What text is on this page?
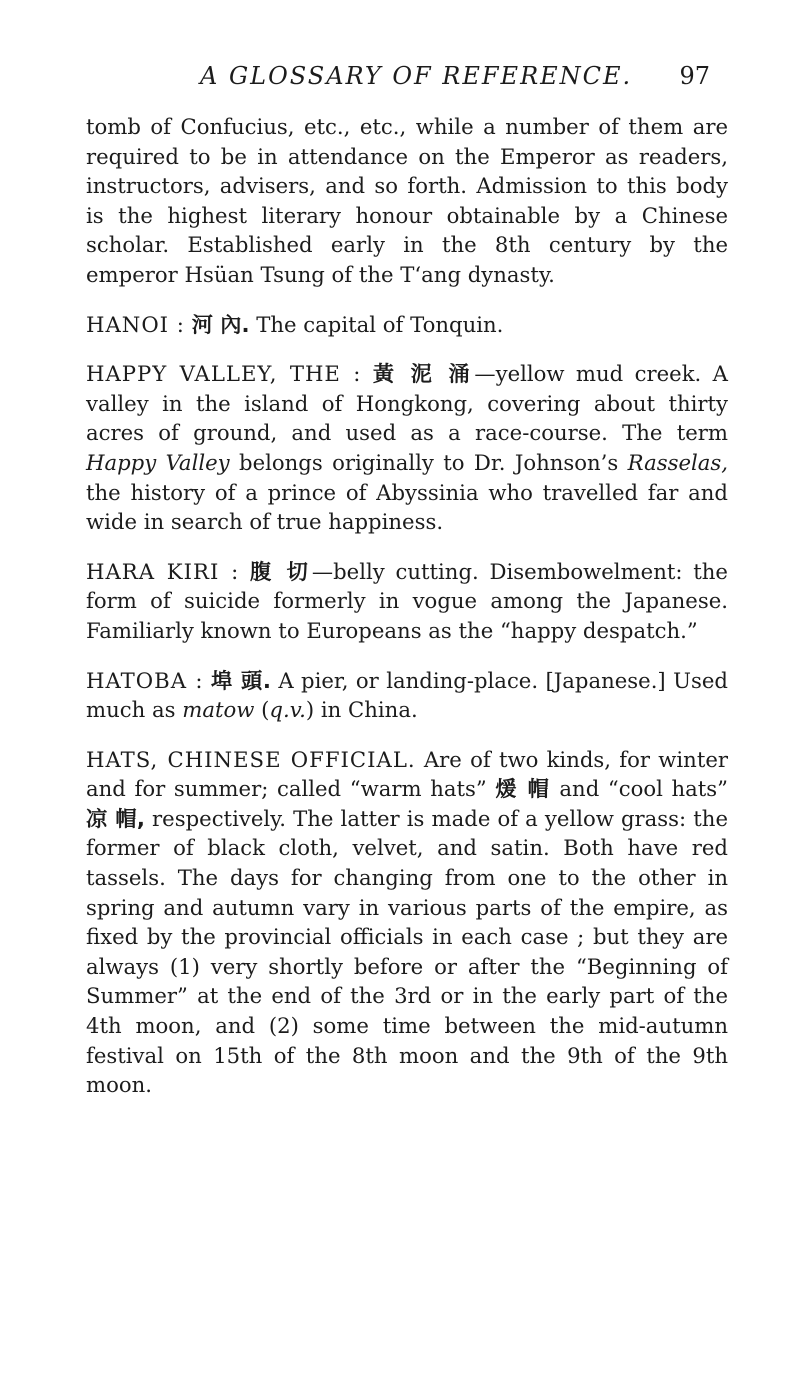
A GLOSSARY OF REFERENCE. 97

tomb of Confucius, etc., etc., while a number of them are required to be in attendance on the Emperor as readers, instructors, advisers, and so forth. Admission to this body is the highest literary honour obtainable by a Chinese scholar. Established early in the 8th century by the emperor Hsüan Tsung of the T‘ang dynasty.

HANOI : 河 內. The capital of Tonquin.

HAPPY VALLEY, THE : 黃 泥 涌—yellow mud creek. A valley in the island of Hongkong, covering about thirty acres of ground, and used as a race-course. The term Happy Valley belongs originally to Dr. Johnson’s Rasselas, the history of a prince of Abyssinia who travelled far and wide in search of true happiness.

HARA KIRI : 腹 切—belly cutting. Disembowelment: the form of suicide formerly in vogue among the Japanese. Familiarly known to Europeans as the “happy despatch.”

HATOBA : 埠 頭. A pier, or landing-place. [Japanese.] Used much as matow (q.v.) in China.

HATS, CHINESE OFFICIAL. Are of two kinds, for winter and for summer; called “warm hats” 煖 帽 and “cool hats” 凉 帽, respectively. The latter is made of a yellow grass: the former of black cloth, velvet, and satin. Both have red tassels. The days for changing from one to the other in spring and autumn vary in various parts of the empire, as fixed by the provincial officials in each case ; but they are always (1) very shortly before or after the “Beginning of Summer” at the end of the 3rd or in the early part of the 4th moon, and (2) some time between the mid-autumn festival on 15th of the 8th moon and the 9th of the 9th moon.
